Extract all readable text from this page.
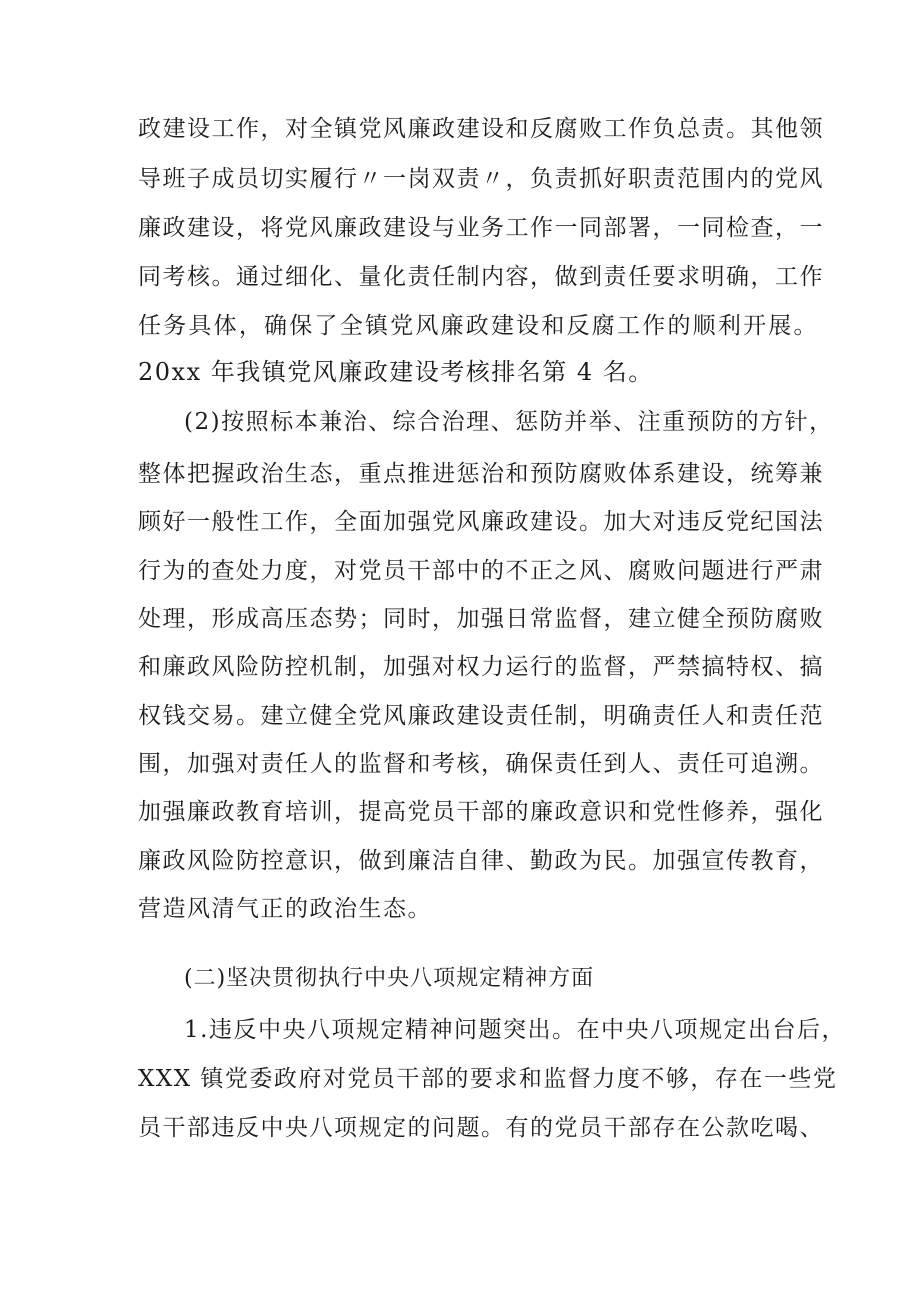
政建设工作，对全镇党风廉政建设和反腐败工作负总责。其他领
导班子成员切实履行〃一岗双责〃，负责抓好职责范围内的党风
廉政建设，将党风廉政建设与业务工作一同部署，一同检查，一
同考核。通过细化、量化责任制内容，做到责任要求明确，工作
任务具体，确保了全镇党风廉政建设和反腐工作的顺利开展。
20xx 年我镇党风廉政建设考核排名第 4 名。
(2)按照标本兼治、综合治理、惩防并举、注重预防的方针，
整体把握政治生态，重点推进惩治和预防腐败体系建设，统筹兼
顾好一般性工作，全面加强党风廉政建设。加大对违反党纪国法
行为的查处力度，对党员干部中的不正之风、腐败问题进行严肃
处理，形成高压态势；同时，加强日常监督，建立健全预防腐败
和廉政风险防控机制，加强对权力运行的监督，严禁搞特权、搞
权钱交易。建立健全党风廉政建设责任制，明确责任人和责任范
围，加强对责任人的监督和考核，确保责任到人、责任可追溯。
加强廉政教育培训，提高党员干部的廉政意识和党性修养，强化
廉政风险防控意识，做到廉洁自律、勤政为民。加强宣传教育，
营造风清气正的政治生态。
(二)坚决贯彻执行中央八项规定精神方面
1.违反中央八项规定精神问题突出。在中央八项规定出台后，
XXX 镇党委政府对党员干部的要求和监督力度不够，存在一些党
员干部违反中央八项规定的问题。有的党员干部存在公款吃喝、
